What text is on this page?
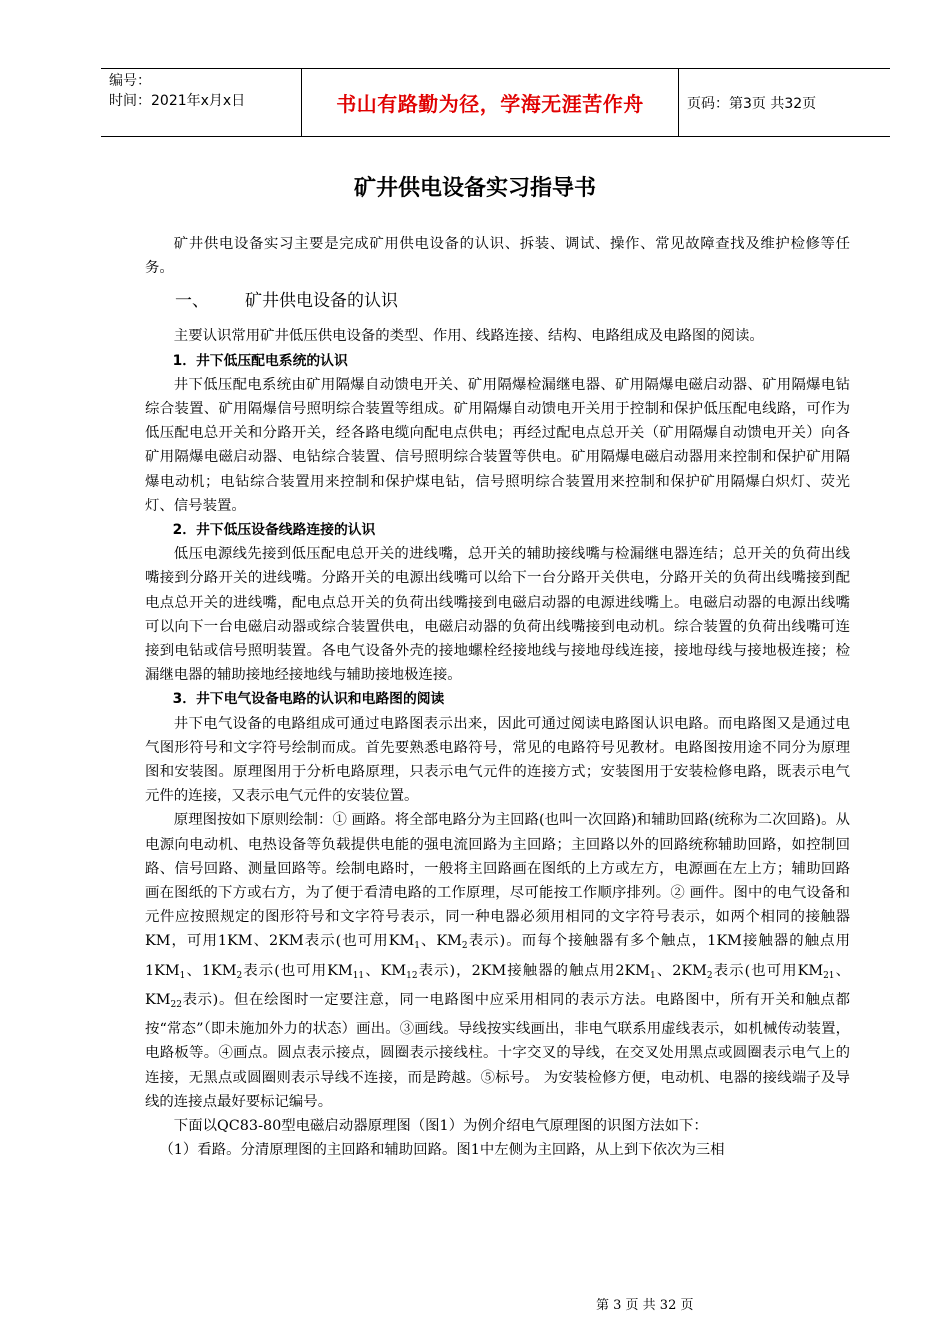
编号：
时间：2021年x月x日	书山有路勤为径，学海无涯苦作舟	页码：第3页 共32页
矿井供电设备实习指导书

矿井供电设备实习主要是完成矿用供电设备的认识、拆装、调试、操作、常见故障查找及维护检修等任务。

一、 矿井供电设备的认识

主要认识常用矿井低压供电设备的类型、作用、线路连接、结构、电路组成及电路图的阅读。

1．井下低压配电系统的认识

井下低压配电系统由矿用隔爆自动馈电开关、矿用隔爆检漏继电器、矿用隔爆电磁启动器、矿用隔爆电钻综合装置、矿用隔爆信号照明综合装置等组成。矿用隔爆自动馈电开关用于控制和保护低压配电线路，可作为低压配电总开关和分路开关，经各路电缆向配电点供电；再经过配电点总开关（矿用隔爆自动馈电开关）向各矿用隔爆电磁启动器、电钻综合装置、信号照明综合装置等供电。矿用隔爆电磁启动器用来控制和保护矿用隔爆电动机；电钻综合装置用来控制和保护煤电钻，信号照明综合装置用来控制和保护矿用隔爆白炽灯、荧光灯、信号装置。

2．井下低压设备线路连接的认识

低压电源线先接到低压配电总开关的进线嘴，总开关的辅助接线嘴与检漏继电器连结；总开关的负荷出线嘴接到分路开关的进线嘴。分路开关的电源出线嘴可以给下一台分路开关供电，分路开关的负荷出线嘴接到配电点总开关的进线嘴，配电点总开关的负荷出线嘴接到电磁启动器的电源进线嘴上。电磁启动器的电源出线嘴可以向下一台电磁启动器或综合装置供电，电磁启动器的负荷出线嘴接到电动机。综合装置的负荷出线嘴可连接到电钻或信号照明装置。各电气设备外壳的接地螺栓经接地线与接地母线连接，接地母线与接地极连接；检漏继电器的辅助接地经接地线与辅助接地极连接。

3．井下电气设备电路的认识和电路图的阅读

井下电气设备的电路组成可通过电路图表示出来，因此可通过阅读电路图认识电路。而电路图又是通过电气图形符号和文字符号绘制而成。首先要熟悉电路符号，常见的电路符号见教材。电路图按用途不同分为原理图和安装图。原理图用于分析电路原理，只表示电气元件的连接方式；安装图用于安装检修电路，既表示电气元件的连接，又表示电气元件的安装位置。

原理图按如下原则绘制：① 画路。将全部电路分为主回路(也叫一次回路)和辅助回路(统称为二次回路)。从电源向电动机、电热设备等负载提供电能的强电流回路为主回路；主回路以外的回路统称辅助回路，如控制回路、信号回路、测量回路等。绘制电路时，一般将主回路画在图纸的上方或左方，电源画在左上方；辅助回路画在图纸的下方或右方，为了便于看清电路的工作原理，尽可能按工作顺序排列。② 画件。图中的电气设备和元件应按照规定的图形符号和文字符号表示，同一种电器必须用相同的文字符号表示，如两个相同的接触器KM，可用1KM、2KM表示(也可用$KM_1$、$KM_2$表示)。而每个接触器有多个触点，1KM接触器的触点用$1KM_1$、$1KM_2$表示(也可用$KM_{11}$、$KM_{12}$表示)，2KM接触器的触点用$2KM_1$、$2KM_2$表示(也可用$KM_{21}$、$KM_{22}$表示)。但在绘图时一定要注意，同一电路图中应采用相同的表示方法。电路图中，所有开关和触点都按“常态”（即未施加外力的状态）画出。③画线。导线按实线画出，非电气联系用虚线表示，如机械传动装置，电路板等。④画点。圆点表示接点，圆圈表示接线柱。十字交叉的导线，在交叉处用黑点或圆圈表示电气上的连接，无黑点或圆圈则表示导线不连接，而是跨越。⑤标号。 为安装检修方便，电动机、电器的接线端子及导线的连接点最好要标记编号。

下面以QC83-80型电磁启动器原理图（图1）为例介绍电气原理图的识图方法如下：

（1）看路。分清原理图的主回路和辅助回路。图1中左侧为主回路，从上到下依次为三相

第 3 页 共 32 页
